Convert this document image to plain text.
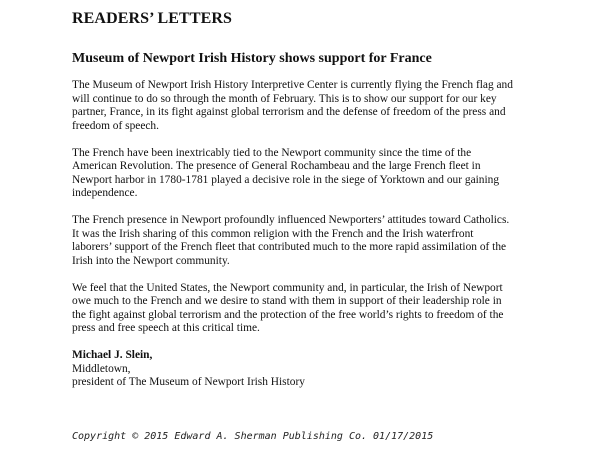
READERS’ LETTERS
Museum of Newport Irish History shows support for France

The Museum of Newport Irish History Interpretive Center is currently flying the French flag and
will continue to do so through the month of February. This is to show our support for our key
partner, France, in its fight against global terrorism and the defense of freedom of the press and
freedom of speech.

The French have been inextricably tied to the Newport community since the time of the
American Revolution. The presence of General Rochambeau and the large French fleet in
Newport harbor in 1780-1781 played a decisive role in the siege of Yorktown and our gaining
independence.

The French presence in Newport profoundly influenced Newporters’ attitudes toward Catholics.
It was the Irish sharing of this common religion with the French and the Irish waterfront
laborers’ support of the French fleet that contributed much to the more rapid assimilation of the
Irish into the Newport community.

We feel that the United States, the Newport community and, in particular, the Irish of Newport
owe much to the French and we desire to stand with them in support of their leadership role in
the fight against global terrorism and the protection of the free world’s rights to freedom of the
press and free speech at this critical time.

Michael J. Slein,
Middletown,
president of The Museum of Newport Irish History
Copyright © 2015 Edward A. Sherman Publishing Co. 01/17/2015
